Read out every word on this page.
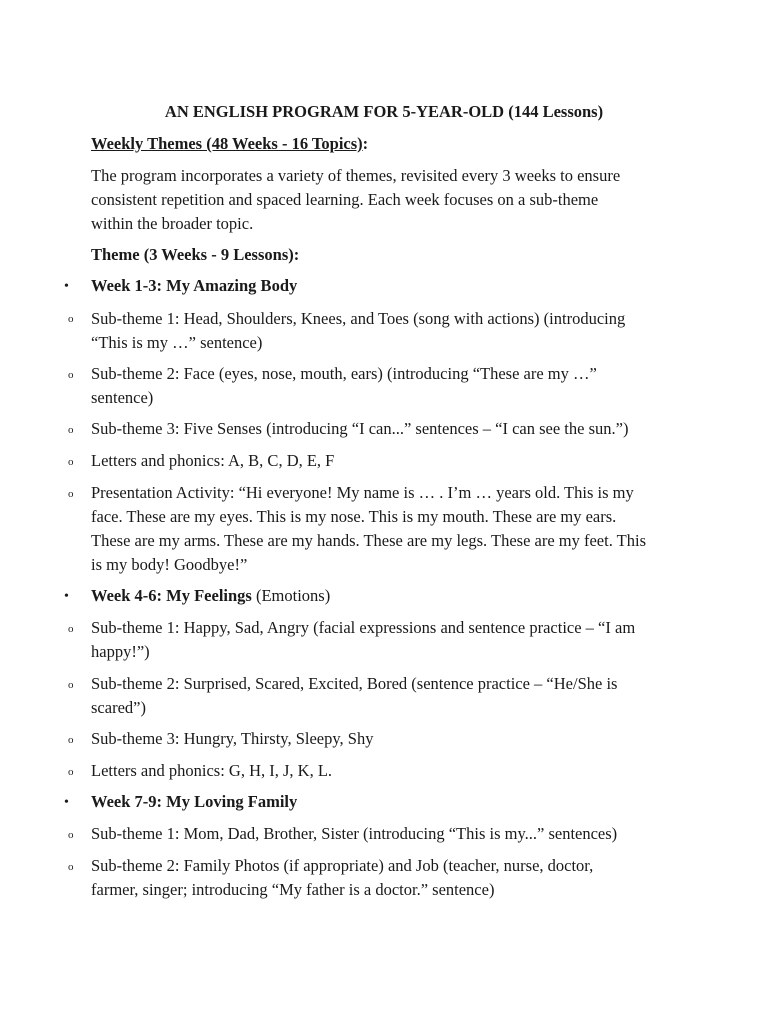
AN ENGLISH PROGRAM FOR 5-YEAR-OLD (144 Lessons)
Weekly Themes (48 Weeks - 16 Topics):
The program incorporates a variety of themes, revisited every 3 weeks to ensure
consistent repetition and spaced learning. Each week focuses on a sub-theme
within the broader topic.
Theme (3 Weeks - 9 Lessons):
•	Week 1-3: My Amazing Body
o Sub-theme 1: Head, Shoulders, Knees, and Toes (song with actions) (introducing
“This is my …” sentence)
o Sub-theme 2: Face (eyes, nose, mouth, ears) (introducing “These are my …”
sentence)
o Sub-theme 3: Five Senses (introducing “I can...” sentences – “I can see the sun.”)
o Letters and phonics: A, B, C, D, E, F
o Presentation Activity: “Hi everyone! My name is … . I’m … years old. This is my
face. These are my eyes. This is my nose. This is my mouth. These are my ears.
These are my arms. These are my hands. These are my legs. These are my feet. This
is my body! Goodbye!”
•	Week 4-6: My Feelings (Emotions)
o Sub-theme 1: Happy, Sad, Angry (facial expressions and sentence practice – “I am
happy!”)
o Sub-theme 2: Surprised, Scared, Excited, Bored (sentence practice – “He/She is
scared”)
o Sub-theme 3: Hungry, Thirsty, Sleepy, Shy
o Letters and phonics: G, H, I, J, K, L.
•	Week 7-9: My Loving Family
o Sub-theme 1: Mom, Dad, Brother, Sister (introducing “This is my...” sentences)
o Sub-theme 2: Family Photos (if appropriate) and Job (teacher, nurse, doctor,
farmer, singer; introducing “My father is a doctor.” sentence)
